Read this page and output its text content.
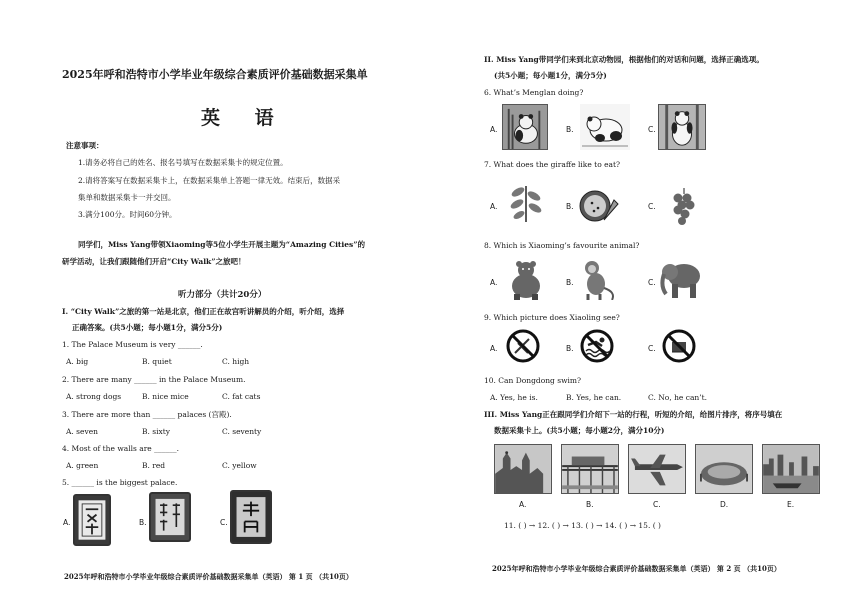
2025年呼和浩特市小学毕业年级综合素质评价基础数据采集单
英 语
注意事项：
1.请务必将自己的姓名、报名号填写在数据采集卡的规定位置。
2.请将答案写在数据采集卡上，在数据采集单上答题一律无效。结束后，数据采
集单和数据采集卡一并交回。
3.满分100分。时间60分钟。
同学们，Miss Yang带领Xiaoming等5位小学生开展主题为“Amazing Cities”的
研学活动，让我们跟随他们开启“City Walk”之旅吧！
听力部分（共计20分）
I. “City Walk”之旅的第一站是北京，他们正在故宫听讲解员的介绍，听介绍，选择
正确答案。(共5小题；每小题1分，满分5分)
1. The Palace Museum is very ______.
A. big	B. quiet	C. high
2. There are many ______ in the Palace Museum.
A. strong dogs	B. nice mice	C. fat cats
3. There are more than ______ palaces (宫殿).
A. seven	B. sixty	C. seventy
4. Most of the walls are ______.
A. green	B. red	C. yellow
5. ______ is the biggest palace.
A.	B.	C.
2025年呼和浩特市小学毕业年级综合素质评价基础数据采集单（英语） 第 1 页 （共10页）
II. Miss Yang带同学们来到北京动物园，根据他们的对话和问题，选择正确选项。
(共5小题；每小题1分，满分5分)
6. What’s Menglan doing?
A.	B.	C.
7. What does the giraffe like to eat?
A.	B.	C.
8. Which is Xiaoming’s favourite animal?
A.	B.	C.
9. Which picture does Xiaoling see?
A.	B.	C.
10. Can Dongdong swim?
A. Yes, he is.	B. Yes, he can.	C. No, he can’t.
III. Miss Yang正在跟同学们介绍下一站的行程，听短的介绍，给图片排序，将序号填在
数据采集卡上。(共5小题；每小题2分，满分10分)
A.	B.	C.	D.	E.
11. ( ) → 12. ( ) → 13. ( ) → 14. ( ) → 15. ( )
2025年呼和浩特市小学毕业年级综合素质评价基础数据采集单（英语） 第 2 页 （共10页）
